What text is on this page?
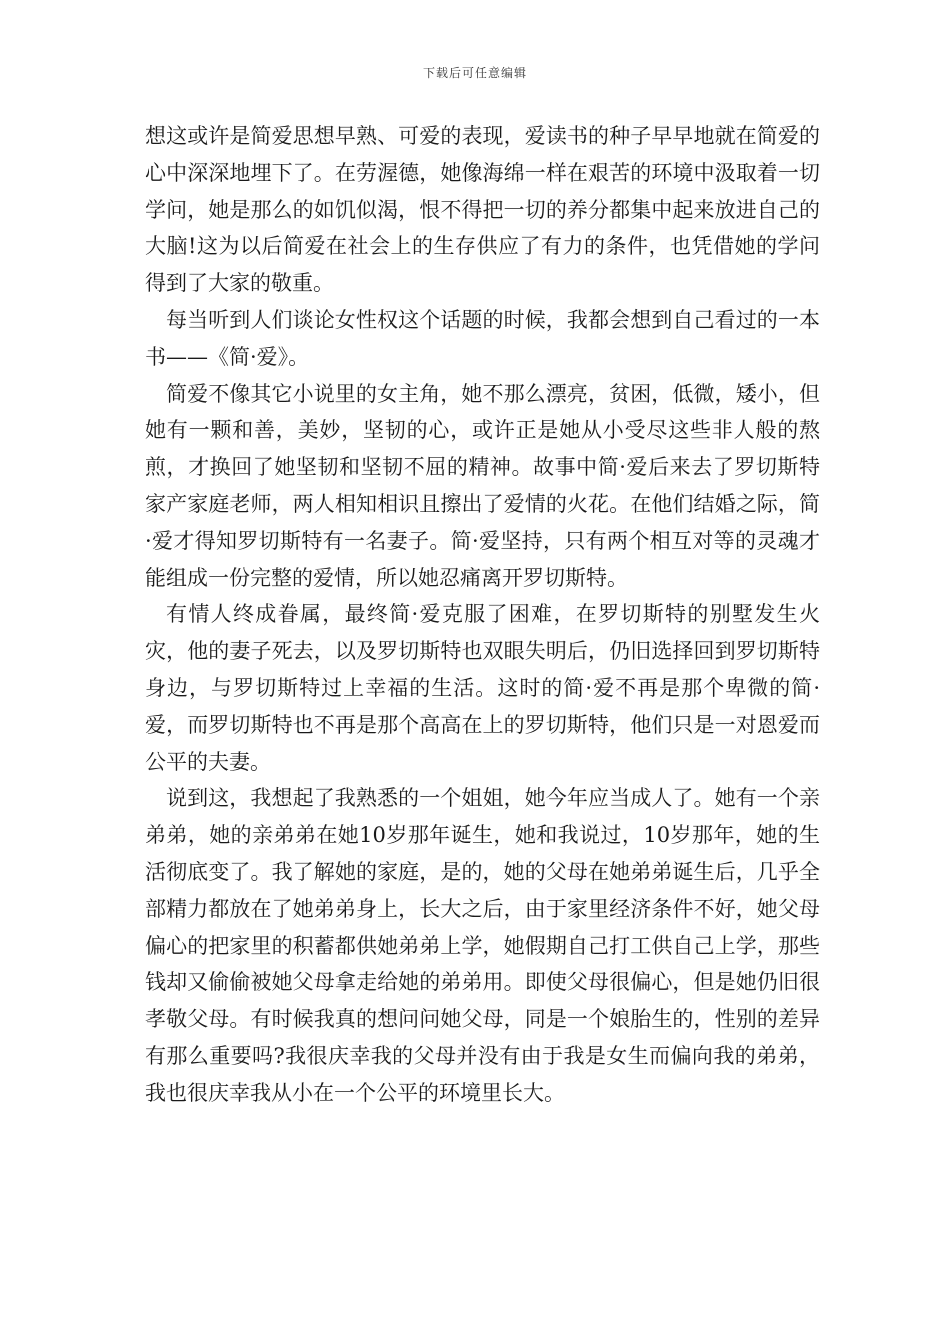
下载后可任意编辑

想这或许是简爱思想早熟、可爱的表现，爱读书的种子早早地就在简爱的心中深深地埋下了。在劳渥德，她像海绵一样在艰苦的环境中汲取着一切学问，她是那么的如饥似渴，恨不得把一切的养分都集中起来放进自己的大脑!这为以后简爱在社会上的生存供应了有力的条件，也凭借她的学问得到了大家的敬重。

每当听到人们谈论女性权这个话题的时候，我都会想到自己看过的一本书——《简·爱》。

简爱不像其它小说里的女主角，她不那么漂亮，贫困，低微，矮小，但她有一颗和善，美妙，坚韧的心，或许正是她从小受尽这些非人般的熬煎，才换回了她坚韧和坚韧不屈的精神。故事中简·爱后来去了罗切斯特家产家庭老师，两人相知相识且擦出了爱情的火花。在他们结婚之际，简·爱才得知罗切斯特有一名妻子。简·爱坚持，只有两个相互对等的灵魂才能组成一份完整的爱情，所以她忍痛离开罗切斯特。

有情人终成眷属，最终简·爱克服了困难，在罗切斯特的别墅发生火灾，他的妻子死去，以及罗切斯特也双眼失明后，仍旧选择回到罗切斯特身边，与罗切斯特过上幸福的生活。这时的简·爱不再是那个卑微的简·爱，而罗切斯特也不再是那个高高在上的罗切斯特，他们只是一对恩爱而公平的夫妻。

说到这，我想起了我熟悉的一个姐姐，她今年应当成人了。她有一个亲弟弟，她的亲弟弟在她10岁那年诞生，她和我说过，10岁那年，她的生活彻底变了。我了解她的家庭，是的，她的父母在她弟弟诞生后，几乎全部精力都放在了她弟弟身上，长大之后，由于家里经济条件不好，她父母偏心的把家里的积蓄都供她弟弟上学，她假期自己打工供自己上学，那些钱却又偷偷被她父母拿走给她的弟弟用。即使父母很偏心，但是她仍旧很孝敬父母。有时候我真的想问问她父母，同是一个娘胎生的，性别的差异有那么重要吗?我很庆幸我的父母并没有由于我是女生而偏向我的弟弟，我也很庆幸我从小在一个公平的环境里长大。
